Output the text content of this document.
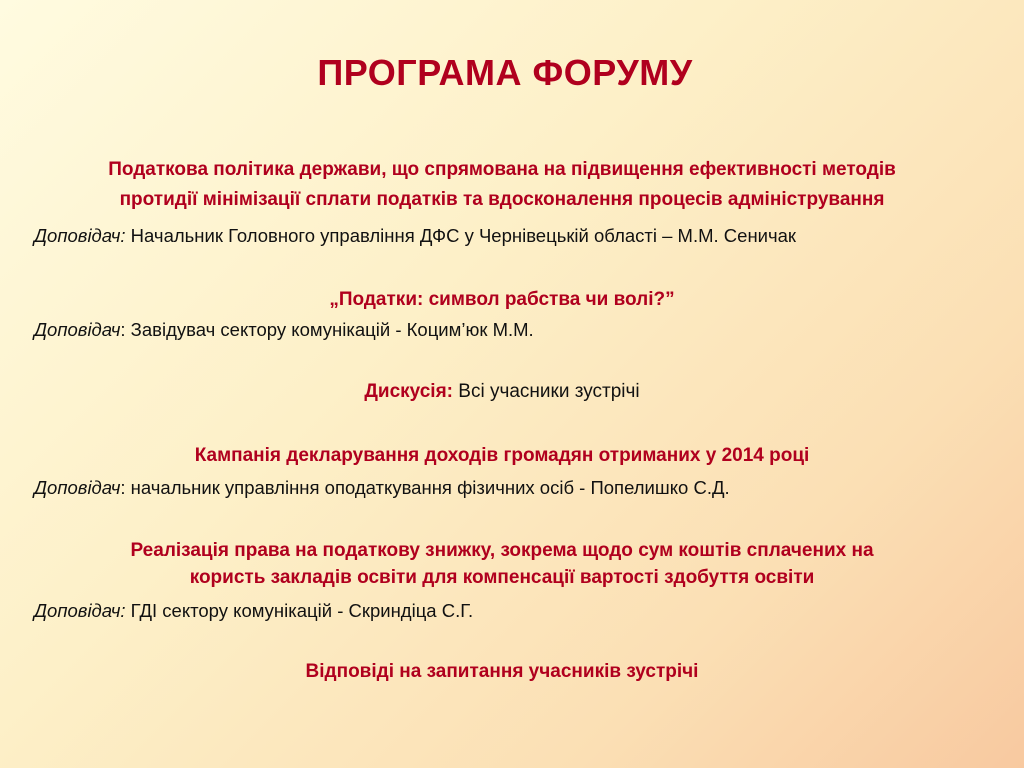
ПРОГРАМА ФОРУМУ
Податкова політика держави, що спрямована на підвищення ефективності методів
протидії мінімізації сплати податків та вдосконалення процесів адміністрування
Доповідач: Начальник Головного управління ДФС у Чернівецькій області – М.М. Сеничак
„Податки: символ рабства чи волі?”
Доповідач: Завідувач сектору комунікацій - Коцим’юк М.М.
Дискусія: Всі учасники зустрічі
Кампанія декларування доходів громадян отриманих у 2014 році
Доповідач: начальник управління оподаткування фізичних осіб - Попелишко С.Д.
Реалізація права на податкову знижку, зокрема щодо сум коштів сплачених на
користь закладів освіти для компенсації вартості здобуття освіти
Доповідач: ГДІ сектору комунікацій - Скриндіца С.Г.
Відповіді на запитання учасників зустрічі
